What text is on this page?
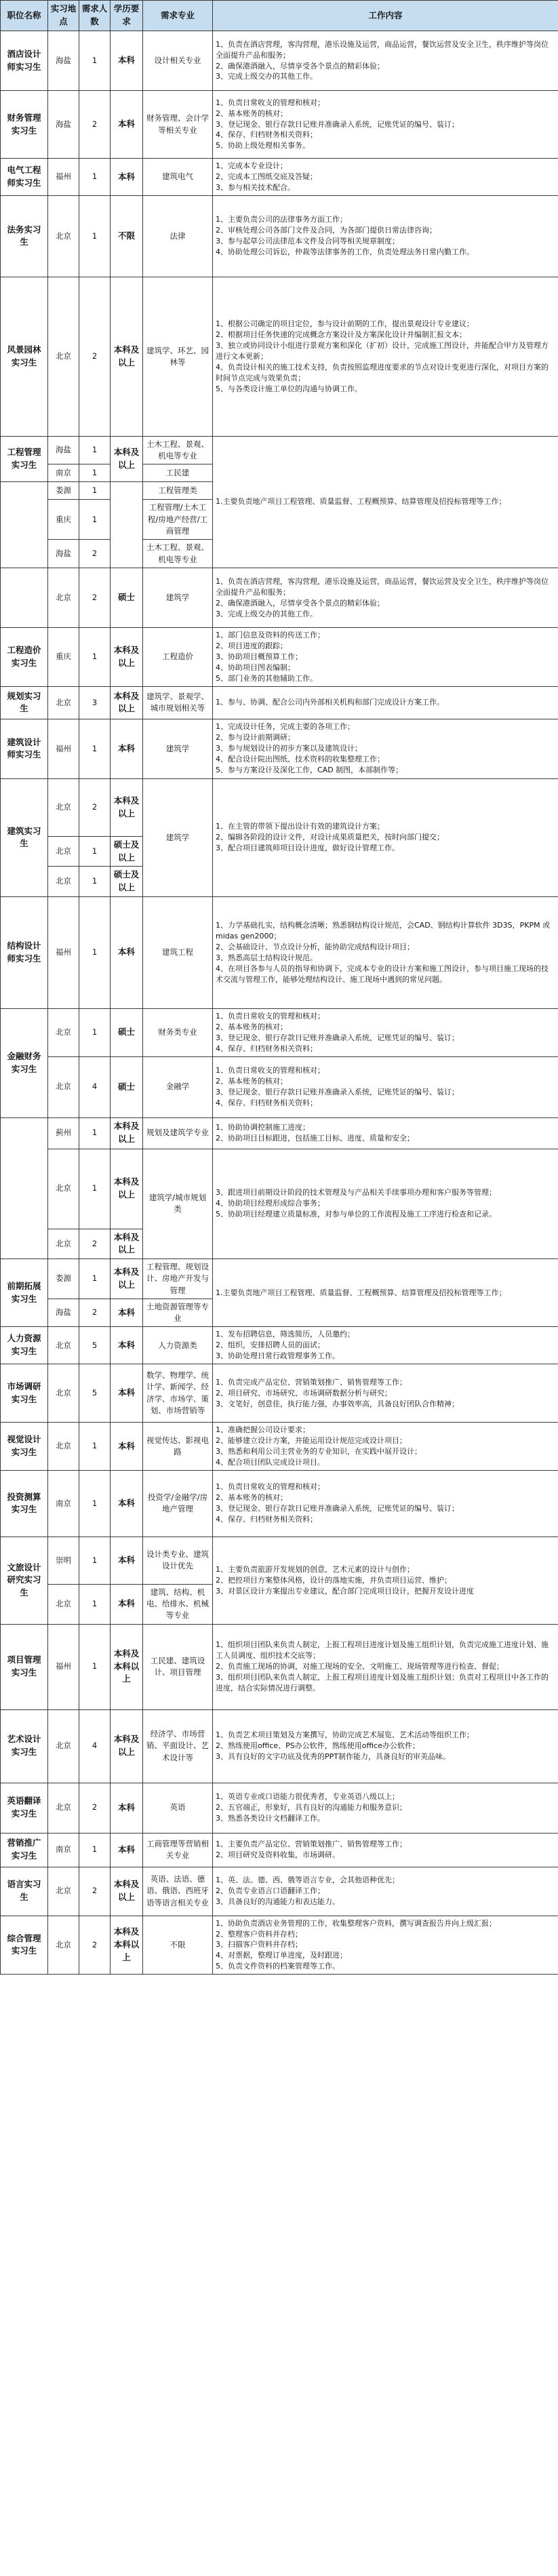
职位名称	实习地点	需求人数	学历要求	需求专业	工作内容
酒店设计师实习生	海盐	1	本科	设计相关专业	1、负责在酒店营理，客沟营理，港乐设施及运营，商品运营，餐饮运营及安全卫生，秩序维护等岗位全面提升产品和服务；
2、确保港酒融入，尽情享受各个景点的精彩体验；
3、完成上级交办的其他工作。

财务管理实习生	海盐	2	本科	财务管理、会计学等相关专业	1、负责日常收支的管理和核对；
2、基本账务的核对；
3、登记现金、银行存款日记账并准确录入系统，记账凭证的编号、装订；
4、保存、归档财务相关资料；
5、协助上级处理相关事务。

电气工程师实习生	福州	1	本科	建筑电气	1、完成本专业设计；
2、完成本工图纸交底及答疑；
3、参与相关技术配合。

法务实习生	北京	1	不限	法律	1、主要负责公司的法律事务方面工作；
2、审核处理公司各部门文件及合同，为各部门提供日常法律咨询；
3、参与起草公司法律范本文件及合同等相关规章制度；
4、协助处理公司诉讼，仲裁等法律事务的工作，负责处理法务日常内勤工作。

风景园林实习生	北京	2	本科及以上	建筑学、环艺、园林等	1、根据公司确定的项目定位，参与设计前期的工作，提出景观设计专业建议；
2、根据项目任务快速的完成概念方案设计及方案深化设计并编制汇报文本；
3、独立或协同设计小组进行景观方案和深化（扩初）设计，完成施工图设计，并能配合甲方及管理方进行文本更新；
4、负责设计相关的施工技术支持，负责按照监理进度要求的节点对设计变更进行深化，对项目方案的时间节点完成与效果负责；
5、与各类设计施工单位的沟通与协调工作。

工程管理实习生	海盐	1	本科及以上	土木工程、景观、机电等专业	1.主要负责地产项目工程管理、质量监督、工程概预算、结算管理及招投标管理等工作；

	南京	1		工民建	
	娄源	1		工程管理类	
	重庆	1		工程管理/土木工程/房地产经营/工商管理	
	海盐	2		土木工程、景观、机电等专业	
	北京	2	硕士	建筑学	1、负责在酒店营理，客沟营理，港乐设施及运营，商品运营，餐饮运营及安全卫生，秩序维护等岗位全面提升产品和服务；
2、确保港酒融入，尽情享受各个景点的精彩体验；
3、完成上级交办的其他工作。

工程造价实习生	重庆	1	本科及以上	工程造价	1、部门信息及资料的传送工作；
2、项目进度的跟踪；
3、协助项目概预算工作；
4、协助项目图表编制；
5、部门业务的其他辅助工作。

规划实习生	北京	3	本科及以上	建筑学、景观学、城市规划相关等	1、参与、协调、配合公司内外部相关机构和部门完成设计方案工作。

建筑设计师实习生	福州	1	本科	建筑学	1、完成设计任务，完成主要的各项工作；
2、参与设计前期调研；
3、参与规划设计的初步方案以及建筑设计；
4、配合设计院出图纸、技术资料的收集整理工作；
5、参与方案设计及深化工作，CAD 制图，本部制作等；

建筑实习生	北京	2	本科及以上	建筑学	1、在主管的带领下提出设计有效的建筑设计方案；
2、编辑各阶段的设计文件，对设计成果质量把关，按时向部门提交；
3、配合项目建筑师项目设计进度，做好设计管理工作。

	北京	1	硕士及以上		
	北京	1	硕士及以上		
结构设计师实习生	福州	1	本科	建筑工程	1、力学基础扎实，结构概念清晰；熟悉钢结构设计规范，会CAD、钢结构计算软件 3D3S，PKPM 或 midas gen2000；
2、会基础设计、节点设计分析，能协助完成结构设计项目；
3、熟悉高层土结构设计规范。
4、在项目各参与人员的指导和协调下，完成本专业的设计方案和施工图设计，参与项目施工现场的技术交流与管理工作，能够处理结构设计、施工现场中遇到的常见问题。

金融财务实习生	北京	1	硕士	财务类专业	1、负责日常收支的管理和核对；
2、基本账务的核对；
3、登记现金、银行存款日记账并准确录入系统，记账凭证的编号、装订；
4、保存、归档财务相关资料；

	北京	4	硕士	金融学	1、负责日常收支的管理和核对；
2、基本账务的核对；
3、登记现金、银行存款日记账并准确录入系统，记账凭证的编号、装订；
4、保存、归档财务相关资料；

	蓟州	1	本科及以上	规划及建筑学专业	1、协助协调控制施工进度；
2、协助项目目标跟进，包括施工目标、进度、质量和安全；

	北京	1	本科及以上	建筑学/城市规划类	3、跟进项目前期设计阶段的技术管理及与产品相关手续事项办理和客户服务等管理；
4、协助项目经理形成综合事务；
5、协助项目经理建立质量标准，对参与单位的工作流程及施工工序进行检查和记录。

	北京	2	本科及以上		
前期拓展实习生	娄源	1	本科及以上	工程管理、规划设计、房地产开发与管理	1.主要负责地产项目工程管理、质量监督、工程概预算、结算管理及招投标管理等工作；

	海盐	2	本科	土地资源管理等专业	
人力资源实习生	北京	5	本科	人力资源类	1、发布招聘信息，筛选简历，人员邀约；
2、组织，安排招聘人员的面试；
3、协助处理日常行政管理事务工作。

市场调研实习生	北京	5	本科	数学、物理学、统计学、新闻学、经济学、市场学、策划、市场营销等	1、负责完成产品定位、营销策划推广、销售管理等工作；
2、项目研究、市场研究、市场调研数据分析与研究；
3、文笔好，创意佳，执行能力强，办事效率高，具备良好团队合作精神；

视觉设计实习生	北京	1	本科	视觉传达、影视电路	1、准确把握公司设计要求；
2、能够建立设计方案，并能运用设计规范完成设计项目；
3、熟悉和利用公司主营业务的专业知识，在实践中展开设计；
4、配合项目团队完成设计项目。

投资测算实习生	南京	1	本科	投资学/金融学/房地产管理	1、负责日常收支的管理和核对；
2、基本账务的核对；
3、登记现金、银行存款日记账并准确录入系统，记账凭证的编号、装订；
4、保存、归档财务相关资料；

文旅设计研究实习生	崇明	1	本科	设计类专业、建筑设计优先	1、主要负责旅游开发规划的创意，艺术元素的设计与创作；
2、把控项目方案整体风格，设计的落地实施，并负责项目运营、维护；
3、对景区设计方案提出专业建议，配合部门完成项目设计，把握开发设计进度

	北京	1	本科	建筑、结构、机电、给排水、机械等专业	
项目管理实习生	福州	1	本科及本科以上	工民建、建筑设计、项目管理	1、组织项目团队来负责人制定，上报工程项目进度计划及施工组织计划，负责完成施工进度计划、施工人员调度、组织技术交底等；
2、负责施工现场的协调，对施工现场的安全、文明施工、现场管理等进行检查、督促；
3、组织项目团队来负责人制定，上报工程项目进度计划及施工组织计划；负责对工程项目中各工作的进度，结合实际情况进行调整。

艺术设计实习生	北京	4	本科及以上	经济学、市场营销、平面设计、艺术设计等	1、负责艺术项目策划及方案撰写，协助完成艺术展览、艺术活动等组织工作；
2、熟练使用office、PS办公软件，熟练使用office办公软件；
3、具有良好的文字功底及优秀的PPT制作能力，具备良好的审美品味。

英语翻译实习生	北京	2	本科	英语	1、英语专业或口语能力很优秀者，专业英语八级以上；
2、五官端正，形象好，具有良好的沟通能力和服务意识；
3、熟悉各类设计文档翻译工作。

营销推广实习生	南京	1	本科	工商管理等营销相关专业	1、主要负责产品定位、营销策划推广、销售管理等工作；
2、项目研究及资料收集，市场调研。

语言实习生	北京	2	本科及以上	英语、法语、德语、俄语、西班牙语等语言相关专业	1、英、法、德、西、俄等语言专业，会其他语种优先；
2、负责专业语言口语翻译工作；
3、具备良好的沟通能力和表达能力。

综合管理实习生	北京	2	本科及本科以上	不限	1、协助负责酒店业务管理的工作，收集整理客户资料，撰写调查报告并向上级汇报；
2、整理客户资料并存档；
3、扫描客户资料并存档；
4、对票据，整理订单进度，及时跟进；
5、负责文件资料的档案管理等工作。
